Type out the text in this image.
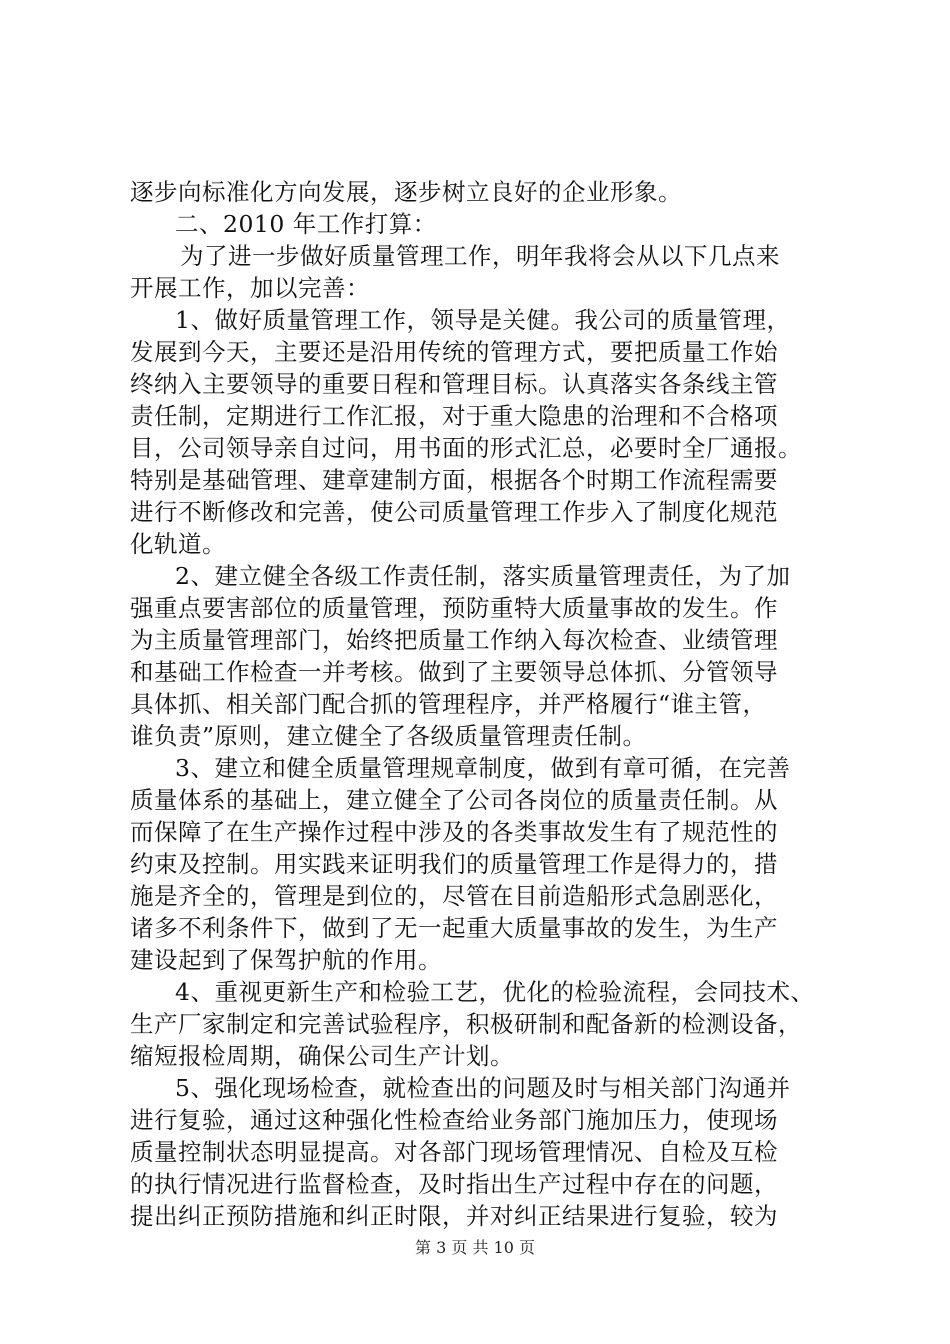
逐步向标准化方向发展，逐步树立良好的企业形象。
二、2010 年工作打算：
为了进一步做好质量管理工作，明年我将会从以下几点来
开展工作，加以完善：
1、做好质量管理工作，领导是关健。我公司的质量管理，
发展到今天，主要还是沿用传统的管理方式，要把质量工作始
终纳入主要领导的重要日程和管理目标。认真落实各条线主管
责任制，定期进行工作汇报，对于重大隐患的治理和不合格项
目，公司领导亲自过问，用书面的形式汇总，必要时全厂通报。
特别是基础管理、建章建制方面，根据各个时期工作流程需要
进行不断修改和完善，使公司质量管理工作步入了制度化规范
化轨道。
2、建立健全各级工作责任制，落实质量管理责任，为了加
强重点要害部位的质量管理，预防重特大质量事故的发生。作
为主质量管理部门，始终把质量工作纳入每次检查、业绩管理
和基础工作检查一并考核。做到了主要领导总体抓、分管领导
具体抓、相关部门配合抓的管理程序，并严格履行“谁主管，
谁负责”原则，建立健全了各级质量管理责任制。
3、建立和健全质量管理规章制度，做到有章可循，在完善
质量体系的基础上，建立健全了公司各岗位的质量责任制。从
而保障了在生产操作过程中涉及的各类事故发生有了规范性的
约束及控制。用实践来证明我们的质量管理工作是得力的，措
施是齐全的，管理是到位的，尽管在目前造船形式急剧恶化，
诸多不利条件下，做到了无一起重大质量事故的发生，为生产
建设起到了保驾护航的作用。
4、重视更新生产和检验工艺，优化的检验流程，会同技术、
生产厂家制定和完善试验程序，积极研制和配备新的检测设备，
缩短报检周期，确保公司生产计划。
5、强化现场检查，就检查出的问题及时与相关部门沟通并
进行复验，通过这种强化性检查给业务部门施加压力，使现场
质量控制状态明显提高。对各部门现场管理情况、自检及互检
的执行情况进行监督检查，及时指出生产过程中存在的问题，
提出纠正预防措施和纠正时限，并对纠正结果进行复验，较为
第 3 页 共 10 页
